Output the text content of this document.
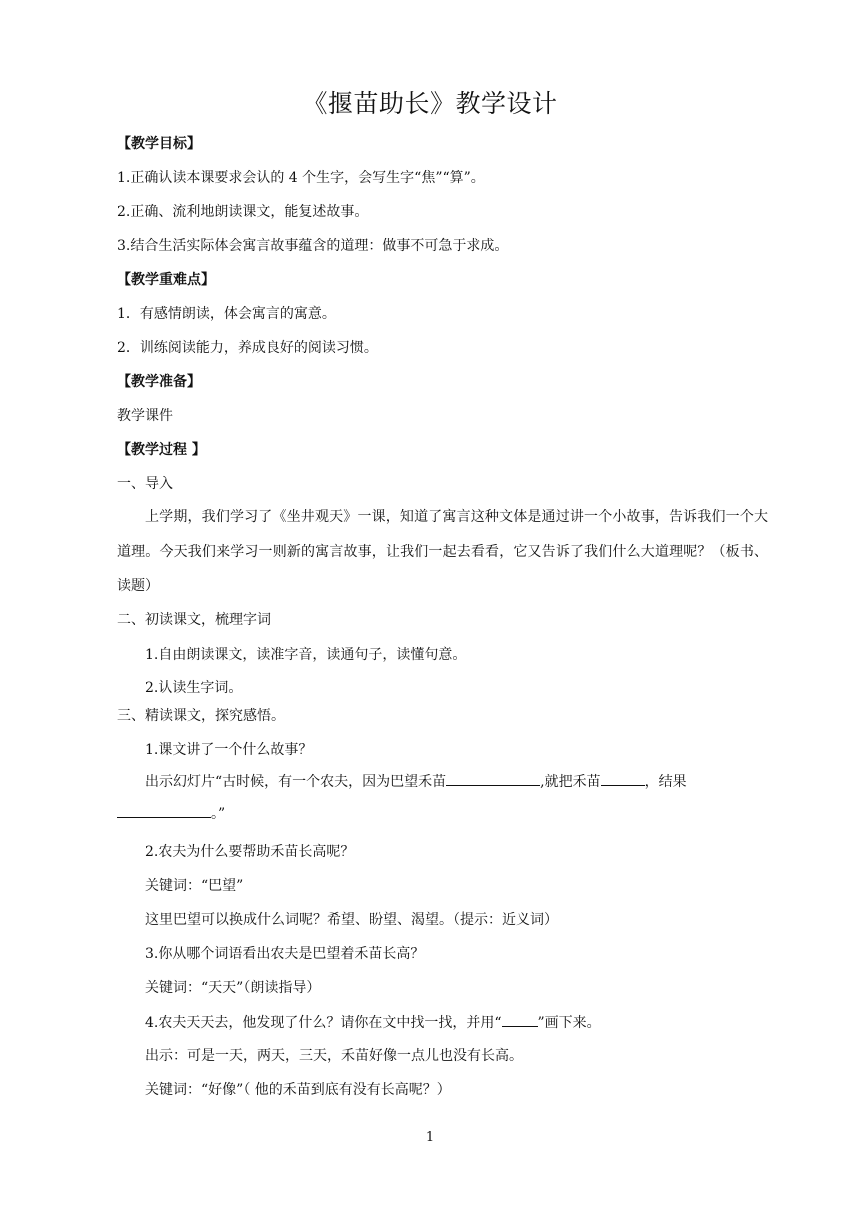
《揠苗助长》教学设计
【教学目标】
1.正确认读本课要求会认的 4 个生字，会写生字“焦”“算”。
2.正确、流利地朗读课文，能复述故事。
3.结合生活实际体会寓言故事蕴含的道理：做事不可急于求成。
【教学重难点】
1．有感情朗读，体会寓言的寓意。
2．训练阅读能力，养成良好的阅读习惯。
【教学准备】
教学课件
【教学过程 】
一、导入
上学期，我们学习了《坐井观天》一课，知道了寓言这种文体是通过讲一个小故事，告诉我们一个大道理。今天我们来学习一则新的寓言故事，让我们一起去看看，它又告诉了我们什么大道理呢？（板书、读题）
二、初读课文，梳理字词
1.自由朗读课文，读准字音，读通句子，读懂句意。
2.认读生字词。
三、精读课文，探究感悟。
1.课文讲了一个什么故事？
出示幻灯片“古时候，有一个农夫，因为巴望禾苗	,就把禾苗	，结果
。”
2.农夫为什么要帮助禾苗长高呢？
关键词：“巴望”
这里巴望可以换成什么词呢？希望、盼望、渴望。（提示：近义词）
3.你从哪个词语看出农夫是巴望着禾苗长高？
关键词：“天天”（朗读指导）
4.农夫天天去，他发现了什么？请你在文中找一找，并用“	”画下来。
出示：可是一天，两天，三天，禾苗好像一点儿也没有长高。
关键词：“好像”（ 他的禾苗到底有没有长高呢？）
1
